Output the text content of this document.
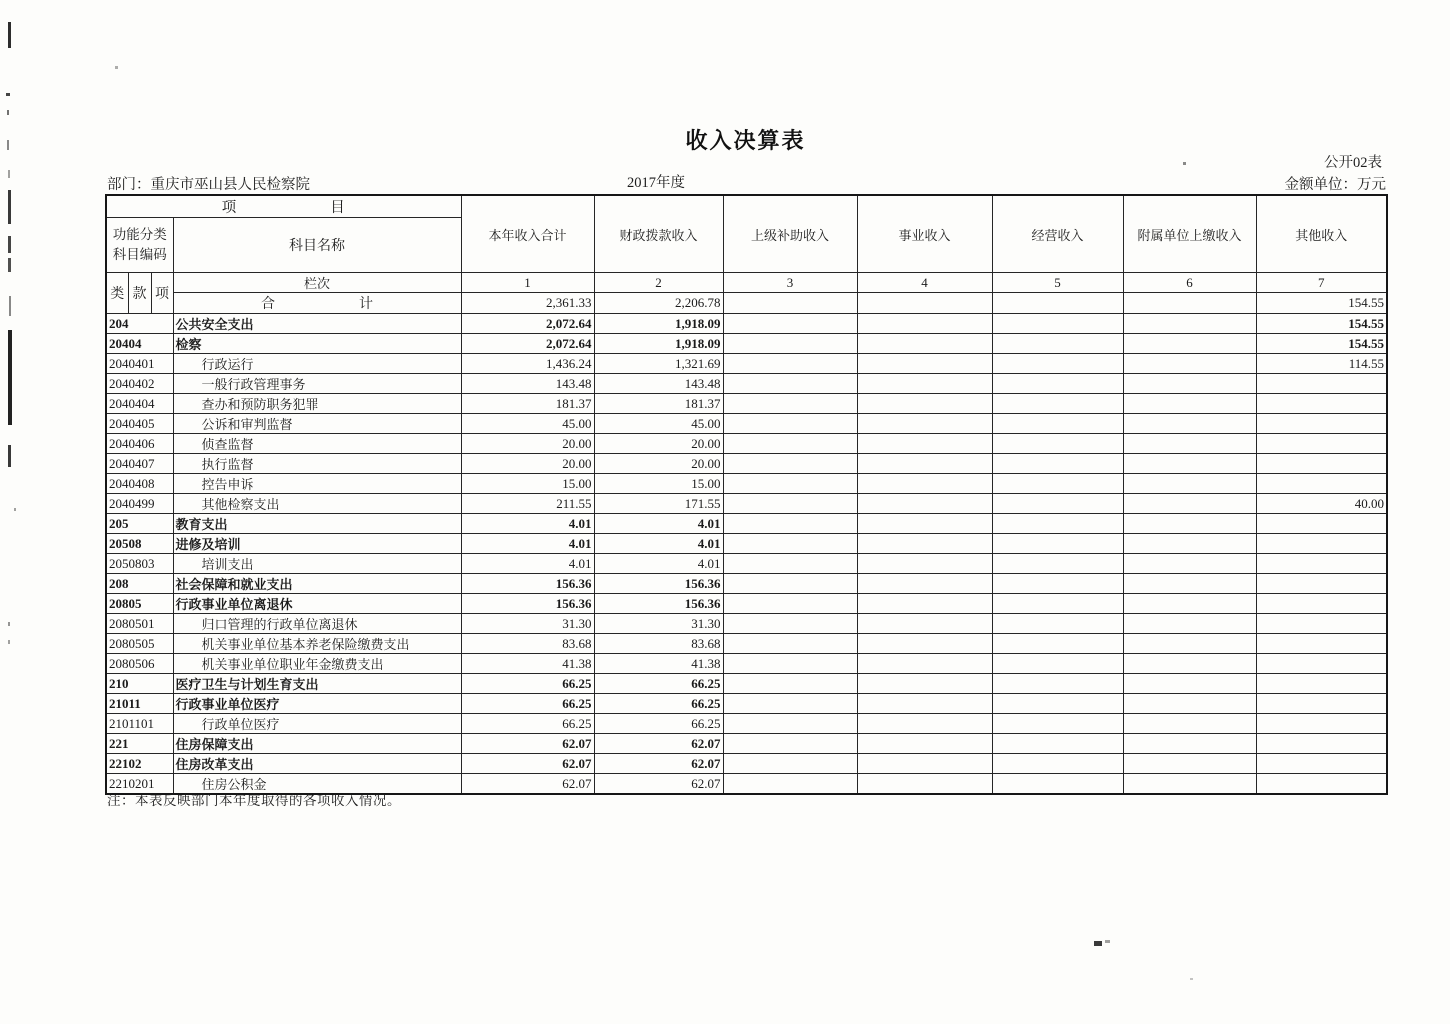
收入决算表
公开02表
部门：重庆市巫山县人民检察院	2017年度	金额单位：万元
项　　　　　　目				本年收入合计	财政拨款收入	上级补助收入	事业收入	经营收入	附属单位上缴收入	其他收入
功能分类科目编码			科目名称							
类	款	项	栏次	1	2	3	4	5	6	7
			合　　　　　　计	2,361.33	2,206.78					154.55
204			公共安全支出	2,072.64	1,918.09					154.55
20404			检察	2,072.64	1,918.09					154.55
2040401			行政运行	1,436.24	1,321.69					114.55
2040402			一般行政管理事务	143.48	143.48					
2040404			查办和预防职务犯罪	181.37	181.37					
2040405			公诉和审判监督	45.00	45.00					
2040406			侦查监督	20.00	20.00					
2040407			执行监督	20.00	20.00					
2040408			控告申诉	15.00	15.00					
2040499			其他检察支出	211.55	171.55					40.00
205			教育支出	4.01	4.01					
20508			进修及培训	4.01	4.01					
2050803			培训支出	4.01	4.01					
208			社会保障和就业支出	156.36	156.36					
20805			行政事业单位离退休	156.36	156.36					
2080501			归口管理的行政单位离退休	31.30	31.30					
2080505			机关事业单位基本养老保险缴费支出	83.68	83.68					
2080506			机关事业单位职业年金缴费支出	41.38	41.38					
210			医疗卫生与计划生育支出	66.25	66.25					
21011			行政事业单位医疗	66.25	66.25					
2101101			行政单位医疗	66.25	66.25					
221			住房保障支出	62.07	62.07					
22102			住房改革支出	62.07	62.07					
2210201			住房公积金	62.07	62.07					
注：本表反映部门本年度取得的各项收入情况。
